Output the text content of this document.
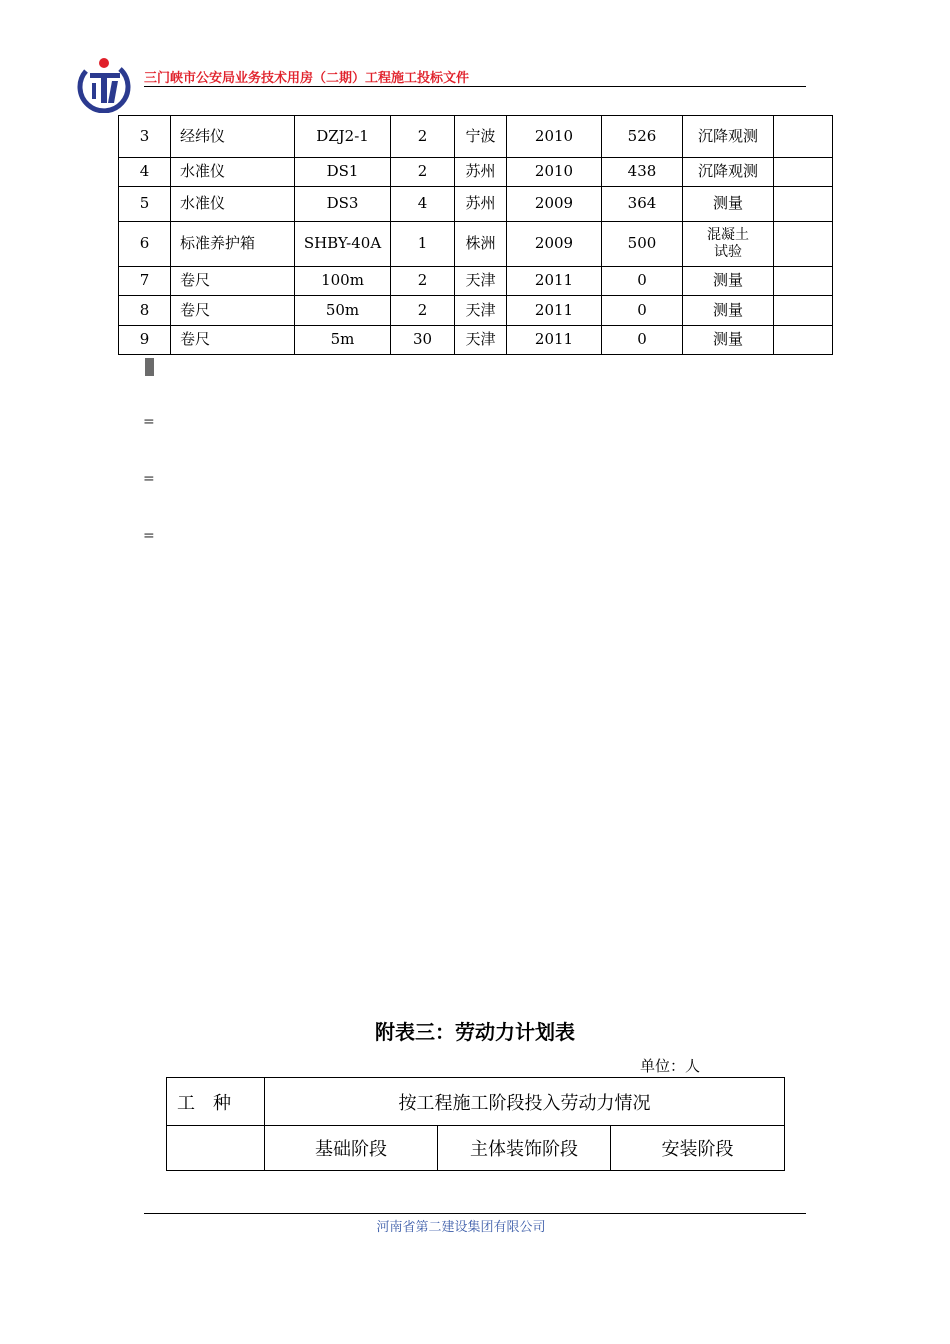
三门峡市公安局业务技术用房（二期）工程施工投标文件
3	经纬仪	DZJ2-1	2	宁波	2010	526	沉降观测	
4	水准仪	DS1	2	苏州	2010	438	沉降观测	
5	水准仪	DS3	4	苏州	2009	364	测量	
6	标准养护箱	SHBY-40A	1	株洲	2009	500	混凝土
试验	
7	卷尺	100m	2	天津	2011	0	测量	
8	卷尺	50m	2	天津	2011	0	测量	
9	卷尺	5m	30	天津	2011	0	测量	
=
=
=
附表三：劳动力计划表
单位：人
工　种	按工程施工阶段投入劳动力情况		
	基础阶段	主体装饰阶段	安装阶段
河南省第二建设集团有限公司
